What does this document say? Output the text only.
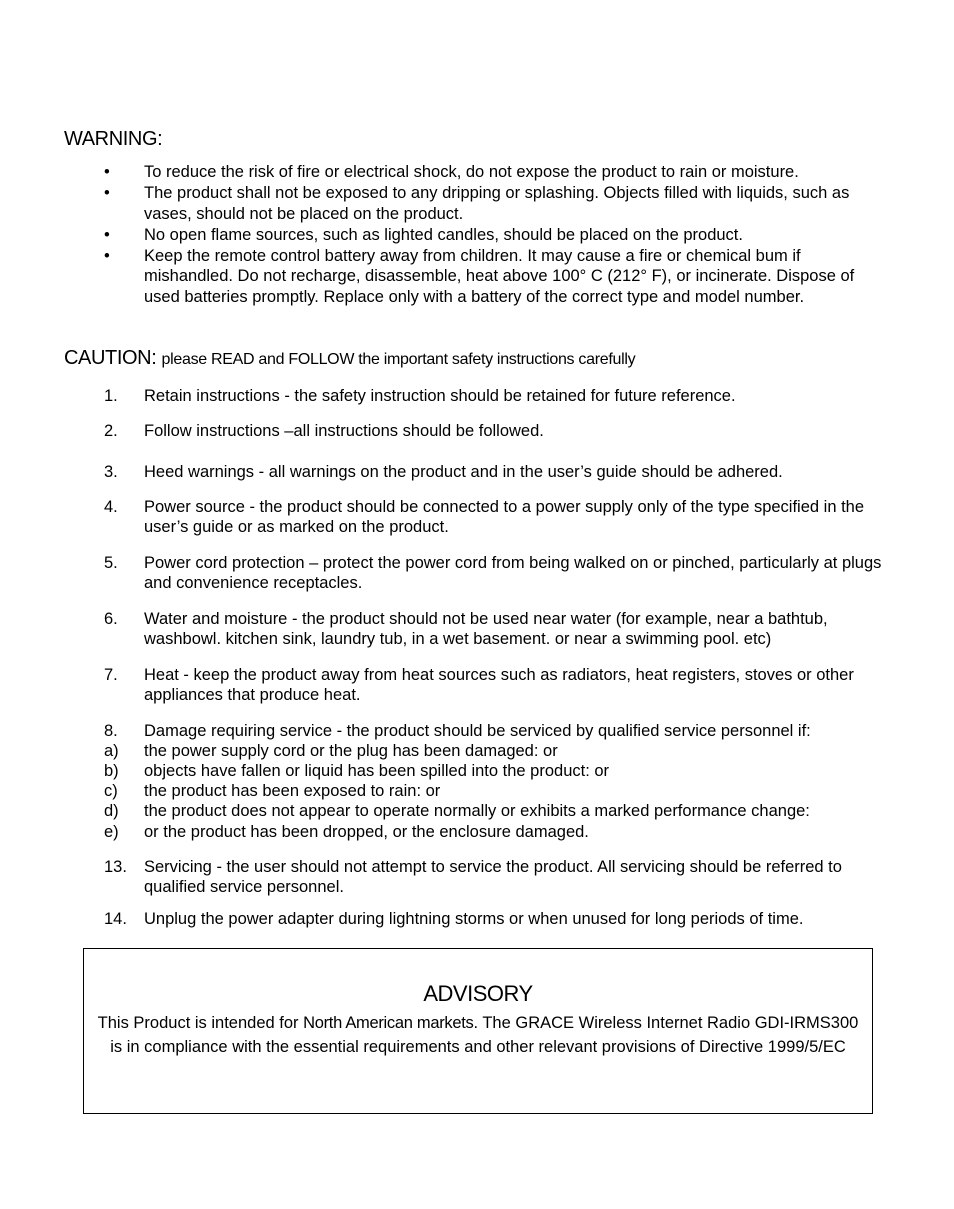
WARNING:
• To reduce the risk of fire or electrical shock, do not expose the product to rain or moisture.
• The product shall not be exposed to any dripping or splashing. Objects filled with liquids, such as vases, should not be placed on the product.
• No open flame sources, such as lighted candles, should be placed on the product.
• Keep the remote control battery away from children. It may cause a fire or chemical bum if mishandled. Do not recharge, disassemble, heat above 100° C (212° F), or incinerate. Dispose of used batteries promptly. Replace only with a battery of the correct type and model number.
CAUTION: please READ and FOLLOW the important safety instructions carefully
1.	Retain instructions - the safety instruction should be retained for future reference.
2.	Follow instructions –all instructions should be followed.
3.	Heed warnings - all warnings on the product and in the user’s guide should be adhered.
4.	Power source - the product should be connected to a power supply only of the type specified in the user’s guide or as marked on the product.
5.	Power cord protection – protect the power cord from being walked on or pinched, particularly at plugs and convenience receptacles.
6.	Water and moisture - the product should not be used near water (for example, near a bathtub, washbowl. kitchen sink, laundry tub, in a wet basement. or near a swimming pool. etc)
7.	Heat - keep the product away from heat sources such as radiators, heat registers, stoves or other appliances that produce heat.
8.	Damage requiring service - the product should be serviced by qualified service personnel if:
a)	the power supply cord or the plug has been damaged: or
b)	objects have fallen or liquid has been spilled into the product: or
c)	the product has been exposed to rain: or
d)	the product does not appear to operate normally or exhibits a marked performance change:
e)	or the product has been dropped, or the enclosure damaged.
13.	Servicing - the user should not attempt to service the product. All servicing should be referred to qualified service personnel.
14.	Unplug the power adapter during lightning storms or when unused for long periods of time.
ADVISORY
This Product is intended for North American markets. The GRACE Wireless Internet Radio GDI-IRMS300 is in compliance with the essential requirements and other relevant provisions of Directive 1999/5/EC
